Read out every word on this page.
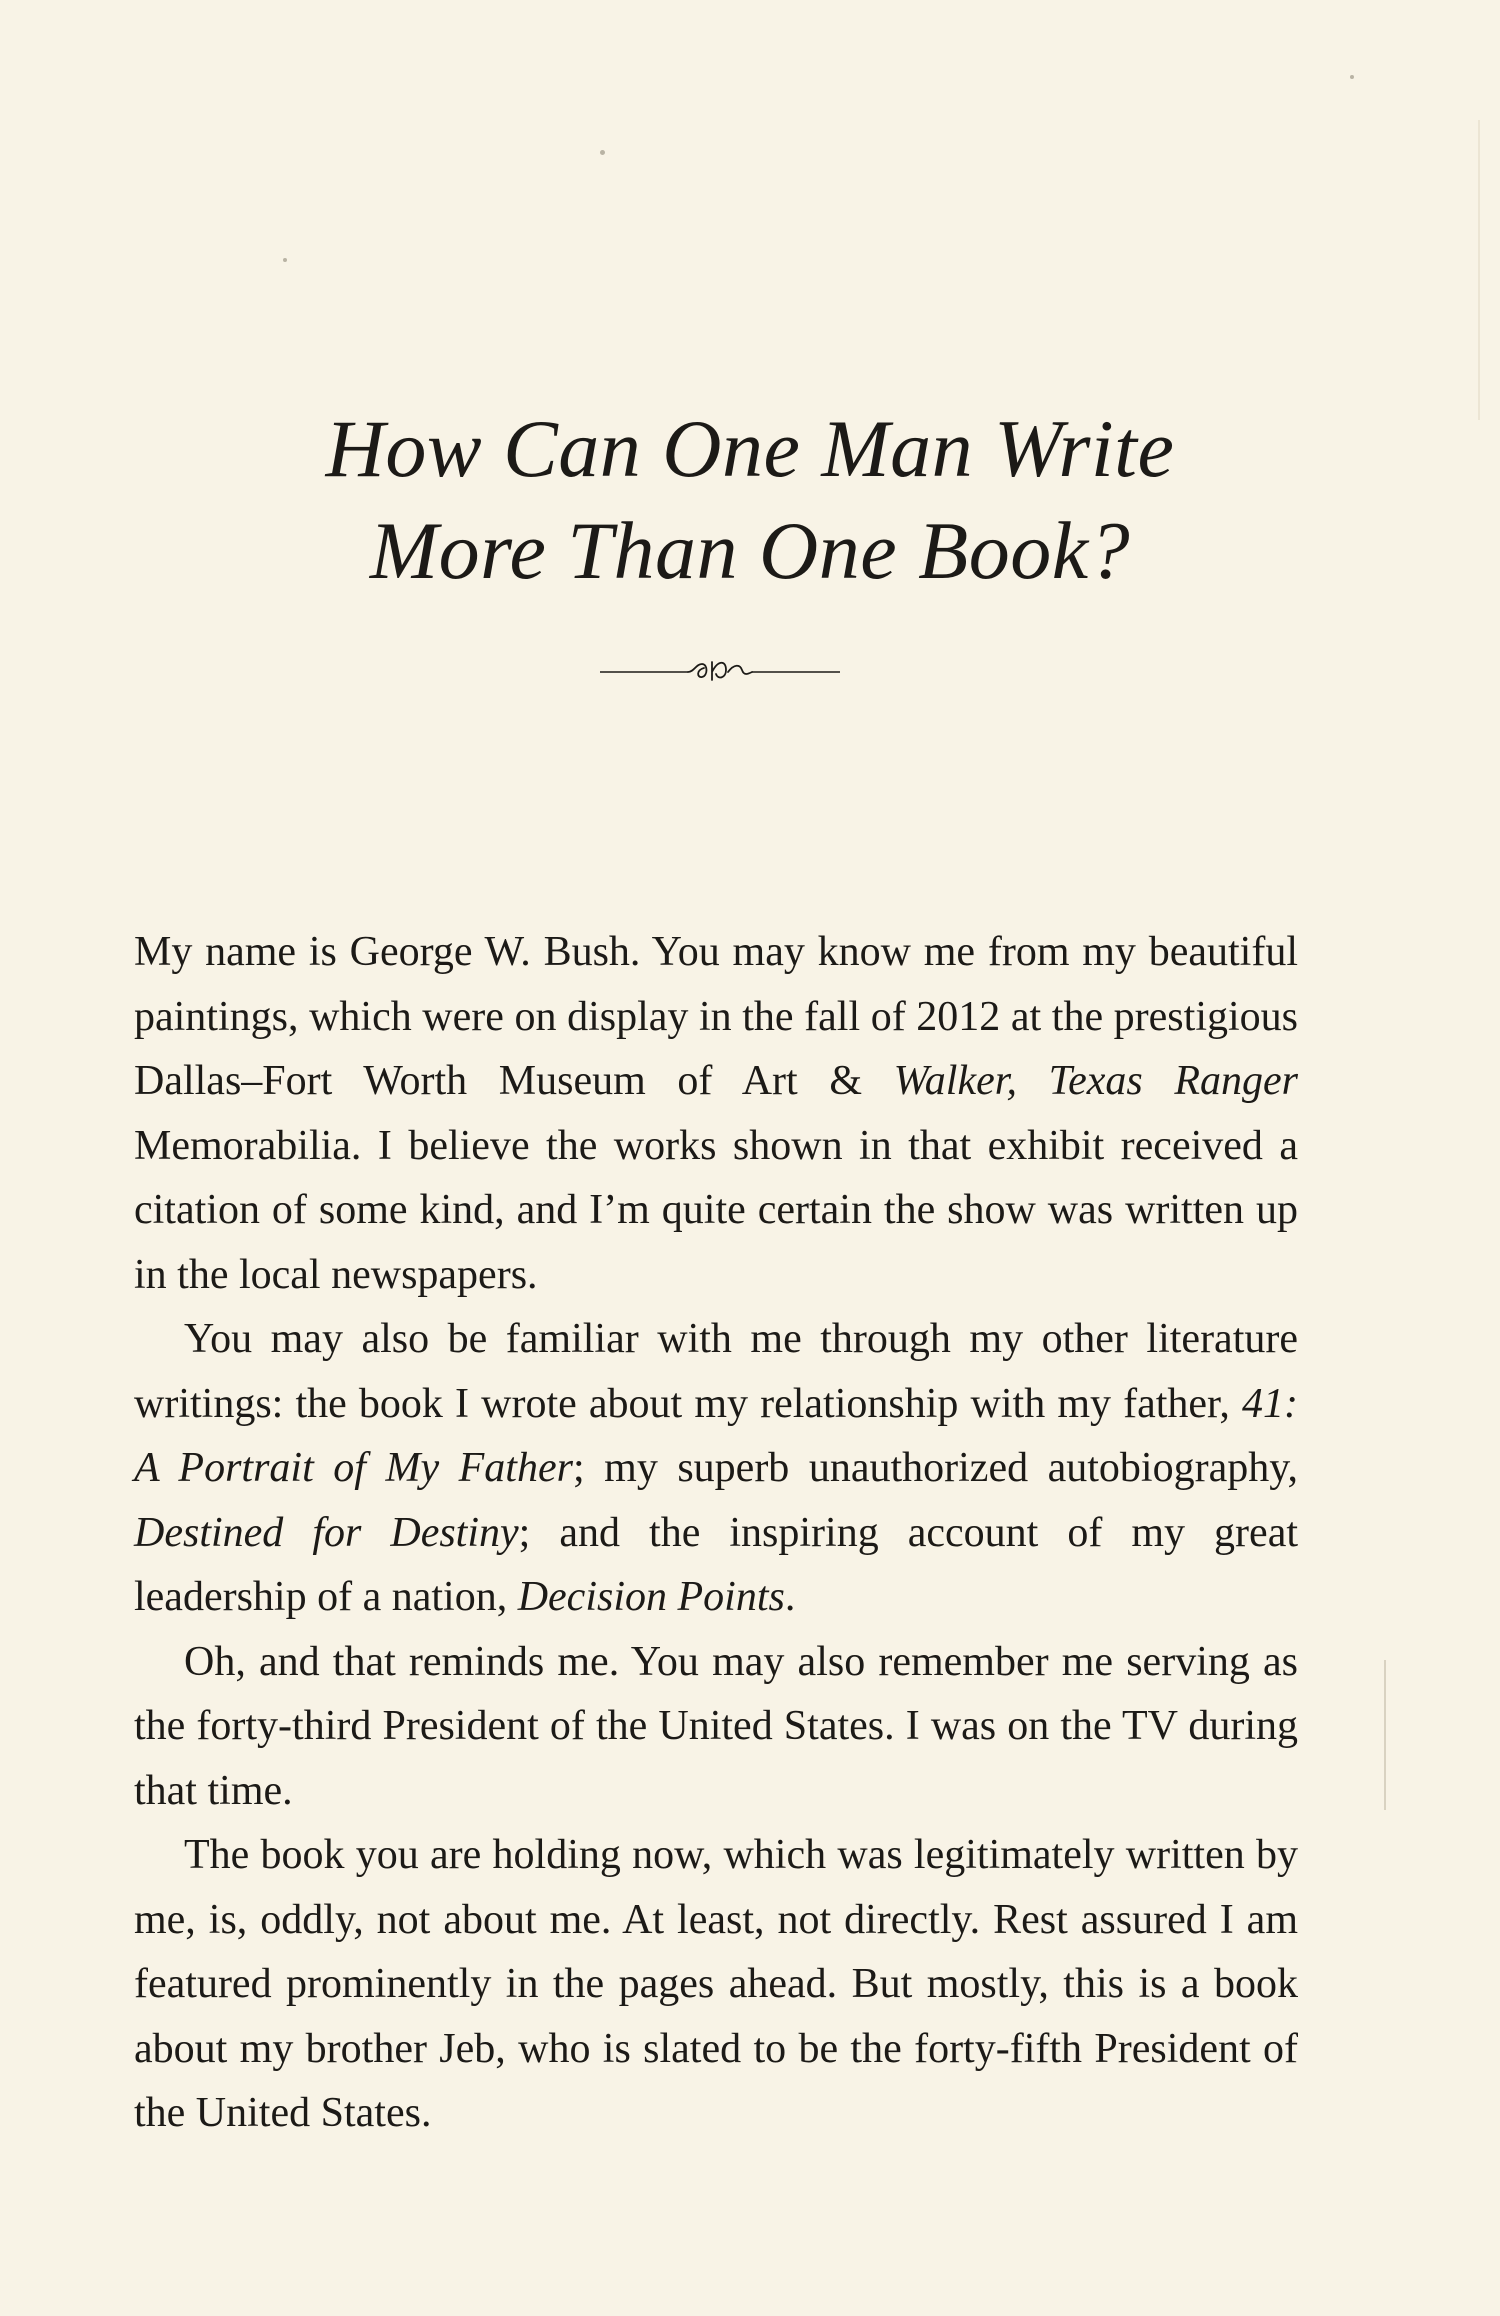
How Can One Man Write
More Than One Book?

My name is George W. Bush. You may know me from my beautiful paintings, which were on display in the fall of 2012 at the prestigious Dallas–Fort Worth Museum of Art & Walker, Texas Ranger Memorabilia. I believe the works shown in that exhibit received a citation of some kind, and I’m quite certain the show was written up in the local newspapers.

You may also be familiar with me through my other literature writings: the book I wrote about my relationship with my father, 41: A Portrait of My Father; my superb unauthorized autobiography, Destined for Destiny; and the inspiring account of my great leadership of a nation, Decision Points.

Oh, and that reminds me. You may also remember me serving as the forty-third President of the United States. I was on the TV during that time.

The book you are holding now, which was legitimately written by me, is, oddly, not about me. At least, not directly. Rest assured I am featured prominently in the pages ahead. But mostly, this is a book about my brother Jeb, who is slated to be the forty-fifth President of the United States.
